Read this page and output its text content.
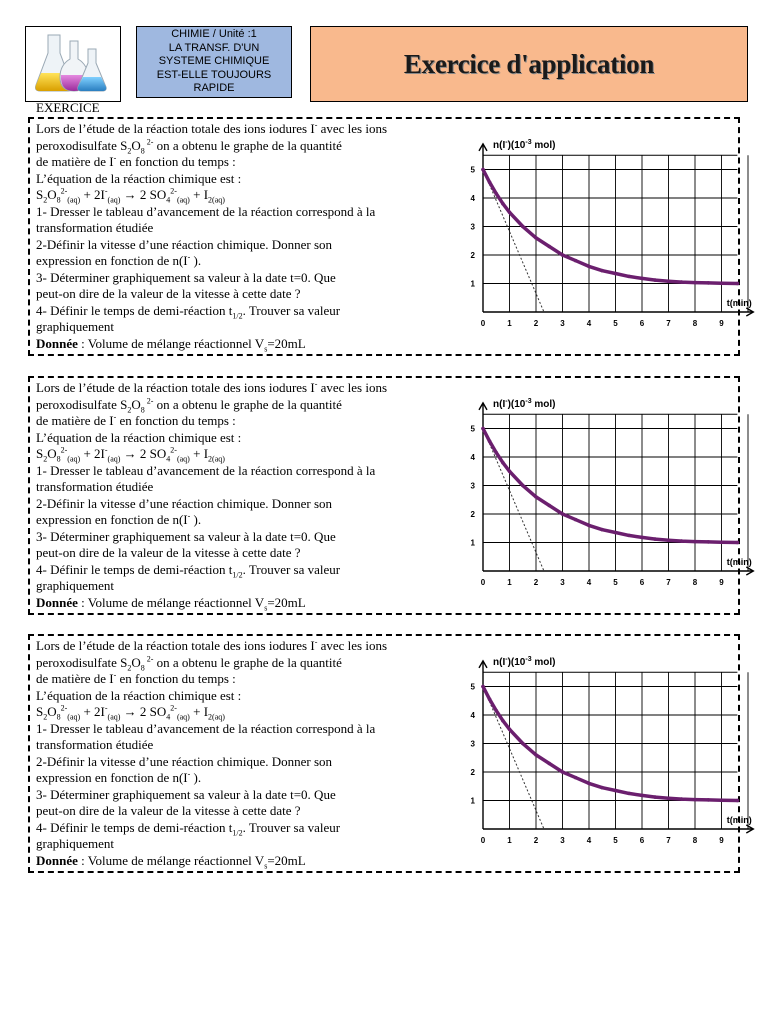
CHIMIE / Unité :1
LA TRANSF. D'UN
SYSTEME CHIMIQUE
EST-ELLE TOUJOURS
RAPIDE
Exercice d'application
EXERCICE
Lors de l’étude de la réaction totale des ions iodures I- avec les ions
peroxodisulfate $S_2O_8$ $^{2-}$ on a obtenu le graphe de la quantité
de matière de I- en fonction du temps :
L’équation de la réaction chimique est :
$S_2O_8^{2-}_{(aq)} + 2I^-_{(aq)} \to 2$ $SO_4^{2-}_{(aq)} + I_{2(aq)}$
1- Dresser le tableau d’avancement de la réaction correspond à la
transformation étudiée
2-Définir la vitesse d’une réaction chimique. Donner son
expression en fonction de n(I- ).
3- Déterminer graphiquement sa valeur à la date t=0. Que
peut-on dire de la valeur de la vitesse à cette date ?
4- Définir le temps de demi-réaction $t_{1/2}$. Trouver sa valeur
graphiquement
Donnée : Volume de mélange réactionnel $V_s=20mL$
0	1	2	3	4	5	6	7	8	9
1
2
3
4
5
$n(I^-)(10^{-3}$ mol)
t(min)
Lors de l’étude de la réaction totale des ions iodures I- avec les ions
peroxodisulfate $S_2O_8$ $^{2-}$ on a obtenu le graphe de la quantité
de matière de I- en fonction du temps :
L’équation de la réaction chimique est :
$S_2O_8^{2-}_{(aq)} + 2I^-_{(aq)} \to 2$ $SO_4^{2-}_{(aq)} + I_{2(aq)}$
1- Dresser le tableau d’avancement de la réaction correspond à la
transformation étudiée
2-Définir la vitesse d’une réaction chimique. Donner son
expression en fonction de n(I- ).
3- Déterminer graphiquement sa valeur à la date t=0. Que
peut-on dire de la valeur de la vitesse à cette date ?
4- Définir le temps de demi-réaction $t_{1/2}$. Trouver sa valeur
graphiquement
Donnée : Volume de mélange réactionnel $V_s=20mL$
0	1	2	3	4	5	6	7	8	9
1
2
3
4
5
$n(I^-)(10^{-3}$ mol)
t(min)
Lors de l’étude de la réaction totale des ions iodures I- avec les ions
peroxodisulfate $S_2O_8$ $^{2-}$ on a obtenu le graphe de la quantité
de matière de I- en fonction du temps :
L’équation de la réaction chimique est :
$S_2O_8^{2-}_{(aq)} + 2I^-_{(aq)} \to 2$ $SO_4^{2-}_{(aq)} + I_{2(aq)}$
1- Dresser le tableau d’avancement de la réaction correspond à la
transformation étudiée
2-Définir la vitesse d’une réaction chimique. Donner son
expression en fonction de n(I- ).
3- Déterminer graphiquement sa valeur à la date t=0. Que
peut-on dire de la valeur de la vitesse à cette date ?
4- Définir le temps de demi-réaction $t_{1/2}$. Trouver sa valeur
graphiquement
Donnée : Volume de mélange réactionnel $V_s=20mL$
0	1	2	3	4	5	6	7	8	9
1
2
3
4
5
$n(I^-)(10^{-3}$ mol)
t(min)
